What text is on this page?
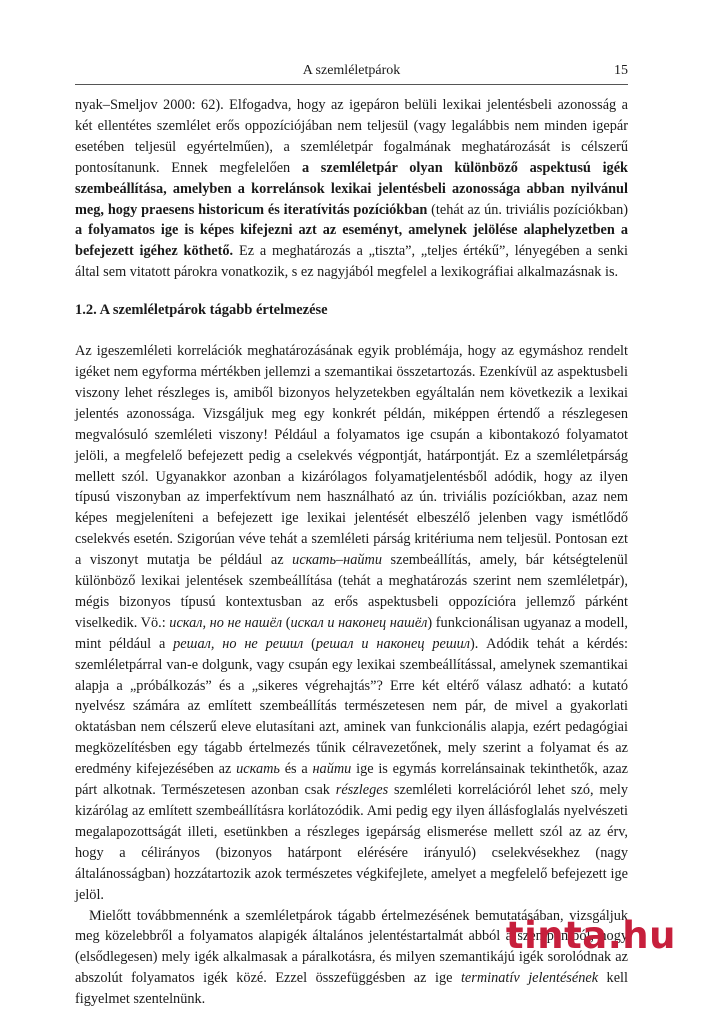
A szemléletpárok	15

nyak–Smeljov 2000: 62). Elfogadva, hogy az igepáron belüli lexikai jelentésbeli azonosság a két ellentétes szemlélet erős oppozíciójában nem teljesül (vagy legalábbis nem minden igepár esetében teljesül egyértelműen), a szemléletpár fogalmának meghatározását is célszerű pontosítanunk. Ennek megfelelően a szemléletpár olyan különböző aspektusú igék szembeállítása, amelyben a korrelánsok lexikai jelentésbeli azonossága abban nyilvánul meg, hogy praesens historicum és iteratívitás pozíciókban (tehát az ún. triviális pozíciókban) a folyamatos ige is képes kifejezni azt az eseményt, amelynek jelölése alaphelyzetben a befejezett igéhez köthető. Ez a meghatározás a „tiszta”, „teljes értékű”, lényegében a senki által sem vitatott párokra vonatkozik, s ez nagyjából megfelel a lexikográfiai alkalmazásnak is.

1.2. A szemléletpárok tágabb értelmezése

Az igeszemléleti korrelációk meghatározásának egyik problémája, hogy az egymáshoz rendelt igéket nem egyforma mértékben jellemzi a szemantikai összetartozás. Ezenkívül az aspektusbeli viszony lehet részleges is, amiből bizonyos helyzetekben egyáltalán nem következik a lexikai jelentés azonossága. Vizsgáljuk meg egy konkrét példán, miképpen értendő a részlegesen megvalósuló szemléleti viszony! Például a folyamatos ige csupán a kibontakozó folyamatot jelöli, a megfelelő befejezett pedig a cselekvés végpontját, határpontját. Ez a szemléletpárság mellett szól. Ugyanakkor azonban a kizárólagos folyamatjelentésből adódik, hogy az ilyen típusú viszonyban az imperfektívum nem használható az ún. triviális pozíciókban, azaz nem képes megjeleníteni a befejezett ige lexikai jelentését elbeszélő jelenben vagy ismétlődő cselekvés esetén. Szigorúan véve tehát a szemléleti párság kritériuma nem teljesül. Pontosan ezt a viszonyt mutatja be például az искать–найти szembeállítás, amely, bár kétségtelenül különböző lexikai jelentések szembeállítása (tehát a meghatározás szerint nem szemléletpár), mégis bizonyos típusú kontextusban az erős aspektusbeli oppozícióra jellemző párként viselkedik. Vö.: искал, но не нашёл (искал и наконец нашёл) funkcionálisan ugyanaz a modell, mint például a решал, но не решил (решал и наконец решил). Adódik tehát a kérdés: szemléletpárral van-e dolgunk, vagy csupán egy lexikai szembeállítással, amelynek szemantikai alapja a „próbálkozás” és a „sikeres végrehajtás”? Erre két eltérő válasz adható: a kutató nyelvész számára az említett szembeállítás természetesen nem pár, de mivel a gyakorlati oktatásban nem célszerű eleve elutasítani azt, aminek van funkcionális alapja, ezért pedagógiai megközelítésben egy tágabb értelmezés tűnik célravezetőnek, mely szerint a folyamat és az eredmény kifejezésében az искать és a найти ige is egymás korrelánsainak tekinthetők, azaz párt alkotnak. Természetesen azonban csak részleges szemléleti korrelációról lehet szó, mely kizárólag az említett szembeállításra korlátozódik. Ami pedig egy ilyen állásfoglalás nyelvészeti megalapozottságát illeti, esetünkben a részleges igepárság elismerése mellett szól az az érv, hogy a célirányos (bizonyos határpont elérésére irányuló) cselekvésekhez (nagy általánosságban) hozzátartozik azok természetes végkifejlete, amelyet a megfelelő befejezett ige jelöl.

Mielőtt továbbmennénk a szemléletpárok tágabb értelmezésének bemutatásában, vizsgáljuk meg közelebbről a folyamatos alapigék általános jelentéstartalmát abból a szempontból, hogy (elsődlegesen) mely igék alkalmasak a páralkotásra, és milyen szemantikájú igék sorolódnak az abszolút folyamatos igék közé. Ezzel összefüggésben az ige terminatív jelentésének kell figyelmet szentelnünk.

tinta.hu
